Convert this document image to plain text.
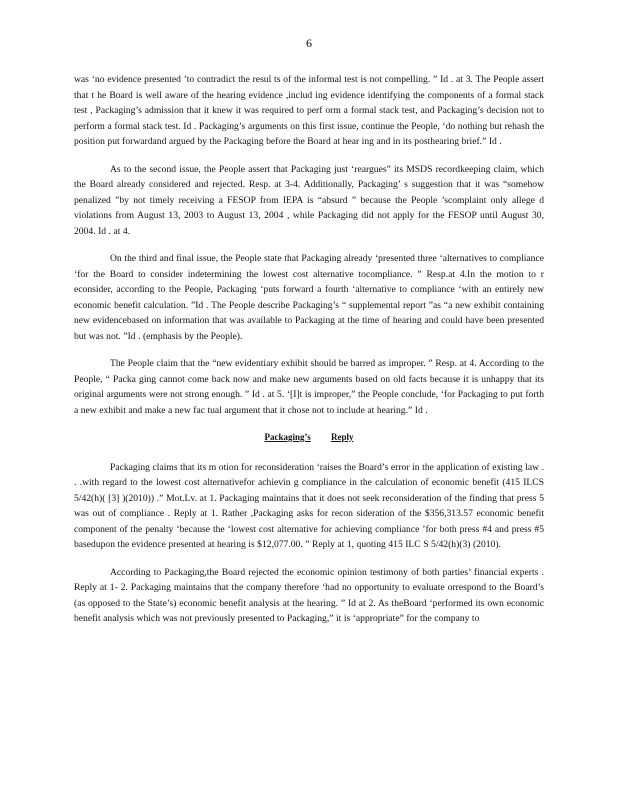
6

was ‘no evidence presented ’to contradict the resul ts of the informal test is not compelling. ” Id . at 3. The People assert that t he Board is well aware of the hearing evidence ,includ ing evidence identifying the components of a formal stack test , Packaging’s admission that it knew it was required to perf orm a formal stack test, and Packaging’s decision not to perform a formal stack test. Id . Packaging’s arguments on this first issue, continue the People, ‘do nothing but rehash the position put forwardand argued by the Packaging before the Board at hear ing and in its posthearing brief.” Id .

As to the second issue, the People assert that Packaging just ‘reargues” its MSDS recordkeeping claim, which the Board already considered and rejected. Resp. at 3-4. Additionally, Packaging’ s suggestion that it was “somehow penalized ”by not timely receiving a FESOP from IEPA is “absurd ” because the People ’scomplaint only allege d violations from August 13, 2003 to August 13, 2004 , while Packaging did not apply for the FESOP until August 30, 2004. Id . at 4.

On the third and final issue, the People state that Packaging already ‘presented three ‘alternatives to compliance ‘for the Board to consider indetermining the lowest cost alternative tocompliance. ” Resp.at 4.In the motion to r econsider, according to the People, Packaging ‘puts forward a fourth ‘alternative to compliance ‘with an entirely new economic benefit calculation. ”Id . The People describe Packaging’s “ supplemental report ”as “a new exhibit containing new evidencebased on information that was available to Packaging at the time of hearing and could have been presented but was not. ”Id . (emphasis by the People).

The People claim that the “new evidentiary exhibit should be barred as improper. ” Resp. at 4. According to the People, “ Packa ging cannot come back now and make new arguments based on old facts because it is unhappy that its original arguments were not strong enough. ” Id . at 5. ‘[I]t is improper,” the People conclude, ‘for Packaging to put forth a new exhibit and make a new fac tual argument that it chose not to include at hearing.” Id .

Packaging’s Reply

Packaging claims that its m otion for reconsideration ‘raises the Board’s error in the application of existing law . . .with regard to the lowest cost alternativefor achievin g compliance in the calculation of economic benefit (415 ILCS 5/42(h)( [3] )(2010)) .” Mot.Lv. at 1. Packaging maintains that it does not seek reconsideration of the finding that press 5 was out of compliance . Reply at 1. Rather ,Packaging asks for recon sideration of the $356,313.57 economic benefit component of the penalty ‘because the ‘lowest cost alternative for achieving compliance ’for both press #4 and press #5 basedupon the evidence presented at hearing is $12,077.00. ” Reply at 1, quoting 415 ILC S 5/42(h)(3) (2010).

According to Packaging,the Board rejected the economic opinion testimony of both parties’ financial experts . Reply at 1- 2. Packaging maintains that the company therefore ‘had no opportunity to evaluate orrespond to the Board’s (as opposed to the State’s) economic benefit analysis at the hearing. ” Id at 2. As theBoard ‘performed its own economic benefit analysis which was not previously presented to Packaging,” it is ‘appropriate” for the company to
